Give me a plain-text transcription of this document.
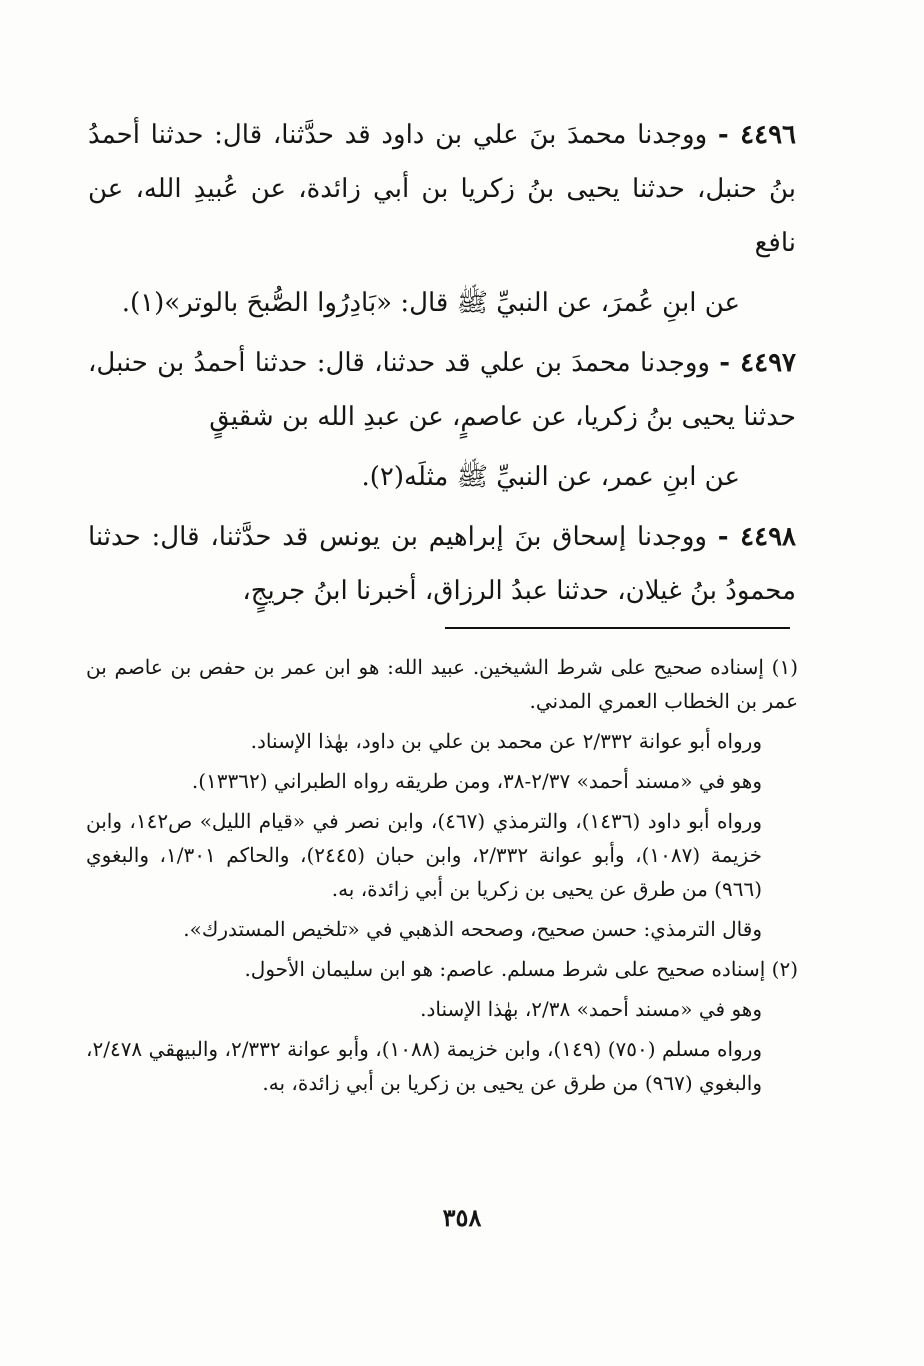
٤٤٩٦ - ووجدنا محمدَ بنَ علي بن داود قد حدَّثنا، قال: حدثنا أحمدُ بنُ حنبل، حدثنا يحيى بنُ زكريا بن أبي زائدة، عن عُبيدِ الله، عن نافع

عن ابنِ عُمرَ، عن النبيِّ ﷺ قال: «بَادِرُوا الصُّبحَ بالوتر»(١).

٤٤٩٧ - ووجدنا محمدَ بن علي قد حدثنا، قال: حدثنا أحمدُ بن حنبل، حدثنا يحيى بنُ زكريا، عن عاصمٍ، عن عبدِ الله بن شقيقٍ

عن ابنِ عمر، عن النبيِّ ﷺ مثلَه(٢).

٤٤٩٨ - ووجدنا إسحاق بنَ إبراهيم بن يونس قد حدَّثنا، قال: حدثنا محمودُ بنُ غيلان، حدثنا عبدُ الرزاق، أخبرنا ابنُ جريجٍ،

(١) إسناده صحيح على شرط الشيخين. عبيد الله: هو ابن عمر بن حفص بن عاصم بن عمر بن الخطاب العمري المدني.

ورواه أبو عوانة ٢/٣٣٢ عن محمد بن علي بن داود، بهٰذا الإسناد.

وهو في «مسند أحمد» ٢/٣٧-٣٨، ومن طريقه رواه الطبراني (١٣٣٦٢).

ورواه أبو داود (١٤٣٦)، والترمذي (٤٦٧)، وابن نصر في «قيام الليل» ص١٤٢، وابن خزيمة (١٠٨٧)، وأبو عوانة ٢/٣٣٢، وابن حبان (٢٤٤٥)، والحاكم ١/٣٠١، والبغوي (٩٦٦) من طرق عن يحيى بن زكريا بن أبي زائدة، به.

وقال الترمذي: حسن صحيح، وصححه الذهبي في «تلخيص المستدرك».

(٢) إسناده صحيح على شرط مسلم. عاصم: هو ابن سليمان الأحول.

وهو في «مسند أحمد» ٢/٣٨، بهٰذا الإسناد.

ورواه مسلم (٧٥٠) (١٤٩)، وابن خزيمة (١٠٨٨)، وأبو عوانة ٢/٣٣٢، والبيهقي ٢/٤٧٨، والبغوي (٩٦٧) من طرق عن يحيى بن زكريا بن أبي زائدة، به.

٣٥٨
